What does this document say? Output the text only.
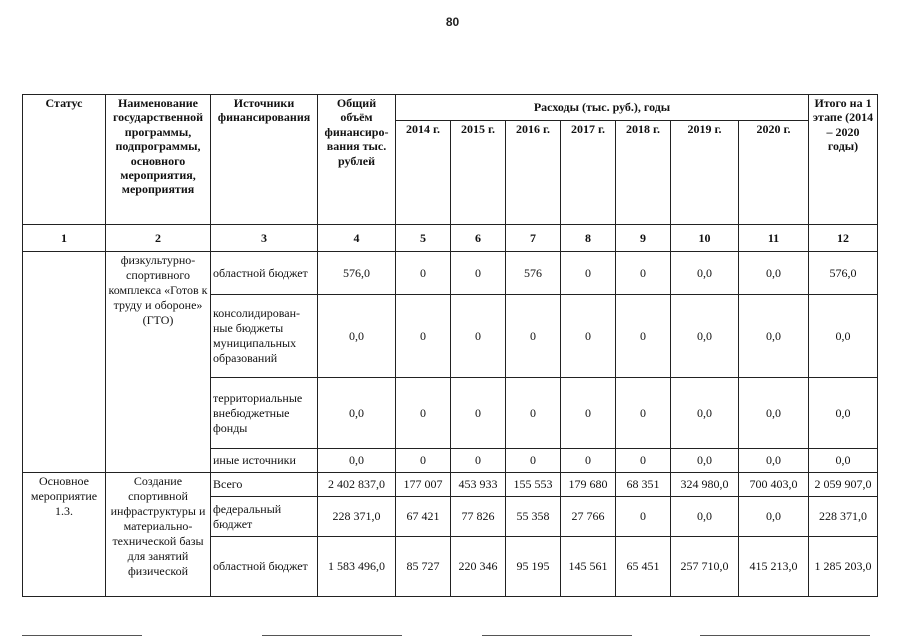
80
Статус	Наименование государственной программы, подпрограммы, основного мероприятия, мероприятия	Источники финансирования	Общий объём финансиро-вания тыс. рублей	Расходы (тыс. руб.), годы							Итого на 1 этапе (2014 – 2020 годы)
				2014 г.	2015 г.	2016 г.	2017 г.	2018 г.	2019 г.	2020 г.	
1	2	3	4	5	6	7	8	9	10	11	12
	физкультурно-спортивного комплекса «Готов к труду и обороне» (ГТО)	областной бюджет	576,0	0	0	576	0	0	0,0	0,0	576,0
		консолидирован-ные бюджеты муниципальных образований	0,0	0	0	0	0	0	0,0	0,0	0,0
		территориальные внебюджетные фонды	0,0	0	0	0	0	0	0,0	0,0	0,0
		иные источники	0,0	0	0	0	0	0	0,0	0,0	0,0
Основное мероприятие 1.3.	Создание спортивной инфраструктуры и материально-технической базы для занятий физической	Всего	2 402 837,0	177 007	453 933	155 553	179 680	68 351	324 980,0	700 403,0	2 059 907,0
		федеральный бюджет	228 371,0	67 421	77 826	55 358	27 766	0	0,0	0,0	228 371,0
		областной бюджет	1 583 496,0	85 727	220 346	95 195	145 561	65 451	257 710,0	415 213,0	1 285 203,0
